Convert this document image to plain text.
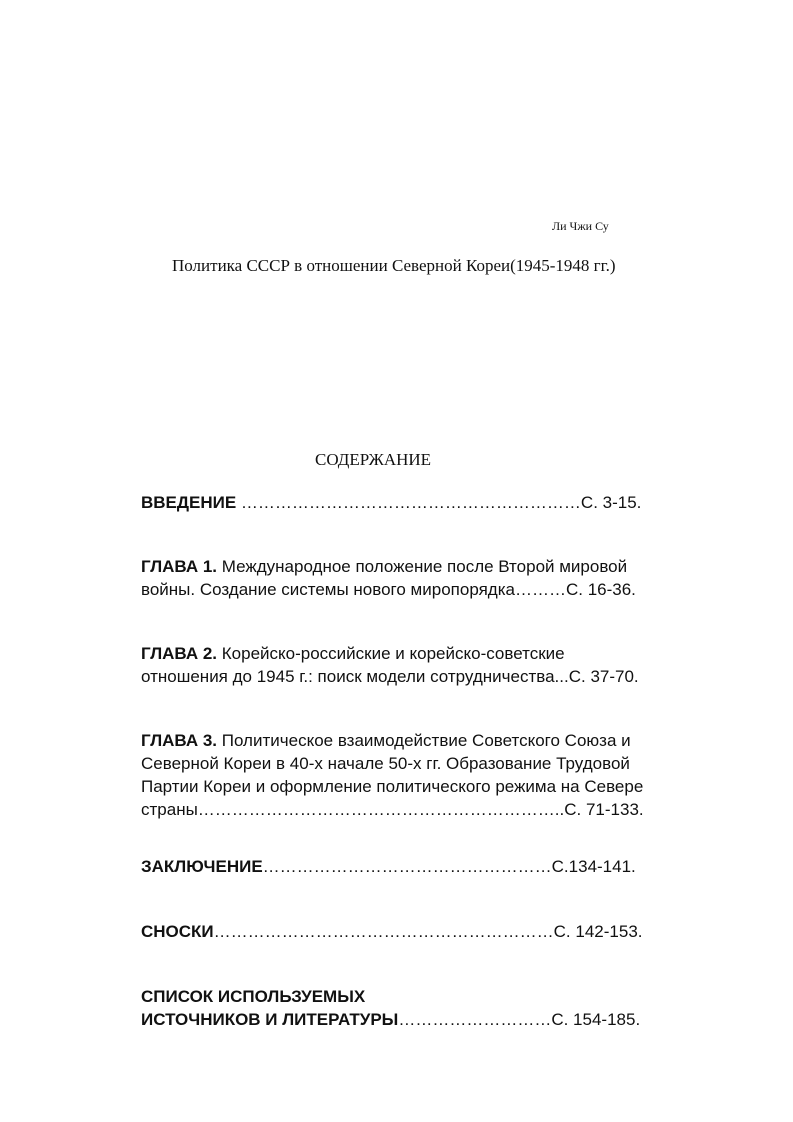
Ли Чжи Су
Политика СССР в отношении Северной Кореи(1945-1948 гг.)
СОДЕРЖАНИЕ
ВВЕДЕНИЕ ……………………………………………………С. 3-15.
ГЛАВА 1. Международное положение после Второй мировой
войны. Создание системы нового миропорядка………С. 16-36.
ГЛАВА 2. Корейско-российские и корейско-советские
отношения до 1945 г.: поиск модели сотрудничества...С. 37-70.
ГЛАВА 3. Политическое взаимодействие Советского Союза и
Северной Кореи в 40-х начале 50-х гг. Образование Трудовой
Партии Кореи и оформление политического режима на Севере
страны………………………………………………………..С. 71-133.
ЗАКЛЮЧЕНИЕ……………………………………………С.134-141.
СНОСКИ……………………………………………………С. 142-153.
СПИСОК ИСПОЛЬЗУЕМЫХ
ИСТОЧНИКОВ И ЛИТЕРАТУРЫ………………………С. 154-185.
